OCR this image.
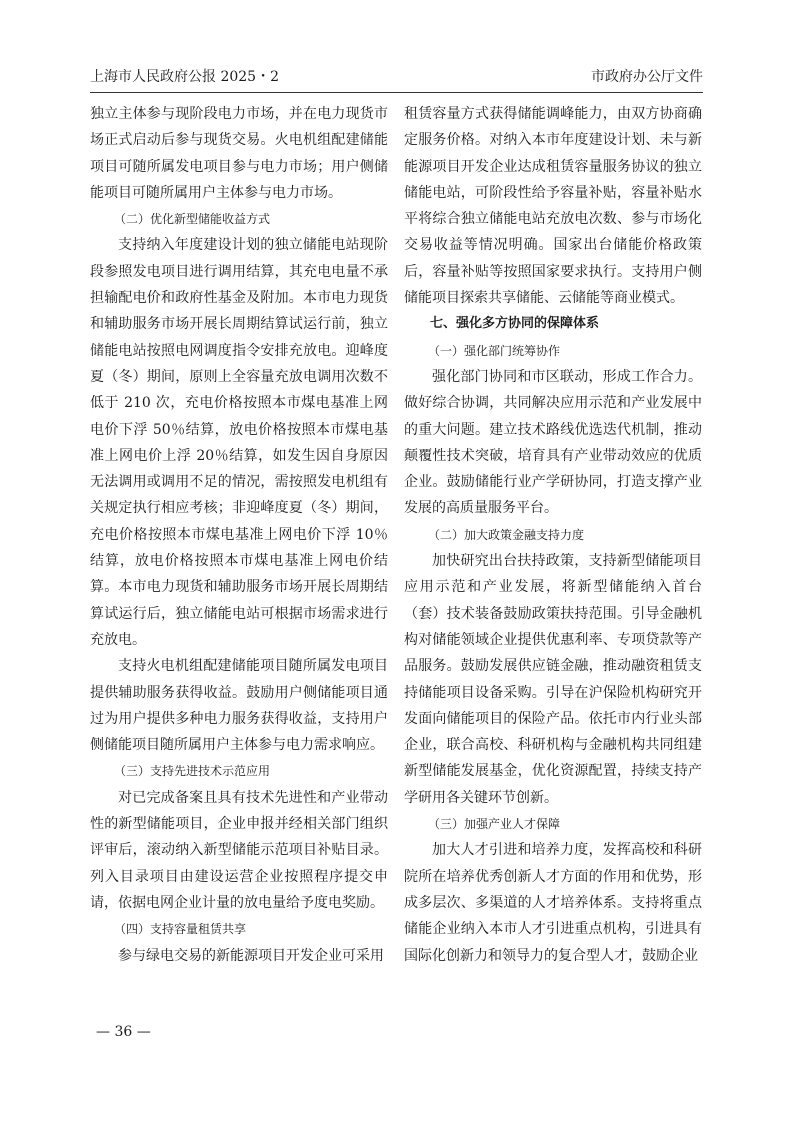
上海市人民政府公报 2025・2	市政府办公厅文件

独立主体参与现阶段电力市场，并在电力现货市场正式启动后参与现货交易。火电机组配建储能项目可随所属发电项目参与电力市场；用户侧储能项目可随所属用户主体参与电力市场。

（二）优化新型储能收益方式

支持纳入年度建设计划的独立储能电站现阶段参照发电项目进行调用结算，其充电电量不承担输配电价和政府性基金及附加。本市电力现货和辅助服务市场开展长周期结算试运行前，独立储能电站按照电网调度指令安排充放电。迎峰度夏（冬）期间，原则上全容量充放电调用次数不低于 210 次，充电价格按照本市煤电基准上网电价下浮 50％结算，放电价格按照本市煤电基准上网电价上浮 20％结算，如发生因自身原因无法调用或调用不足的情况，需按照发电机组有关规定执行相应考核；非迎峰度夏（冬）期间，充电价格按照本市煤电基准上网电价下浮 10％结算，放电价格按照本市煤电基准上网电价结算。本市电力现货和辅助服务市场开展长周期结算试运行后，独立储能电站可根据市场需求进行充放电。

支持火电机组配建储能项目随所属发电项目提供辅助服务获得收益。鼓励用户侧储能项目通过为用户提供多种电力服务获得收益，支持用户侧储能项目随所属用户主体参与电力需求响应。

（三）支持先进技术示范应用

对已完成备案且具有技术先进性和产业带动性的新型储能项目，企业申报并经相关部门组织评审后，滚动纳入新型储能示范项目补贴目录。列入目录项目由建设运营企业按照程序提交申请，依据电网企业计量的放电量给予度电奖励。

（四）支持容量租赁共享

参与绿电交易的新能源项目开发企业可采用

租赁容量方式获得储能调峰能力，由双方协商确定服务价格。对纳入本市年度建设计划、未与新能源项目开发企业达成租赁容量服务协议的独立储能电站，可阶段性给予容量补贴，容量补贴水平将综合独立储能电站充放电次数、参与市场化交易收益等情况明确。国家出台储能价格政策后，容量补贴等按照国家要求执行。支持用户侧储能项目探索共享储能、云储能等商业模式。

七、强化多方协同的保障体系

（一）强化部门统筹协作

强化部门协同和市区联动，形成工作合力。做好综合协调，共同解决应用示范和产业发展中的重大问题。建立技术路线优选迭代机制，推动颠覆性技术突破，培育具有产业带动效应的优质企业。鼓励储能行业产学研协同，打造支撑产业发展的高质量服务平台。

（二）加大政策金融支持力度

加快研究出台扶持政策，支持新型储能项目应用示范和产业发展，将新型储能纳入首台（套）技术装备鼓励政策扶持范围。引导金融机构对储能领域企业提供优惠利率、专项贷款等产品服务。鼓励发展供应链金融，推动融资租赁支持储能项目设备采购。引导在沪保险机构研究开发面向储能项目的保险产品。依托市内行业头部企业，联合高校、科研机构与金融机构共同组建新型储能发展基金，优化资源配置，持续支持产学研用各关键环节创新。

（三）加强产业人才保障

加大人才引进和培养力度，发挥高校和科研院所在培养优秀创新人才方面的作用和优势，形成多层次、多渠道的人才培养体系。支持将重点储能企业纳入本市人才引进重点机构，引进具有国际化创新力和领导力的复合型人才，鼓励企业

— 36 —
